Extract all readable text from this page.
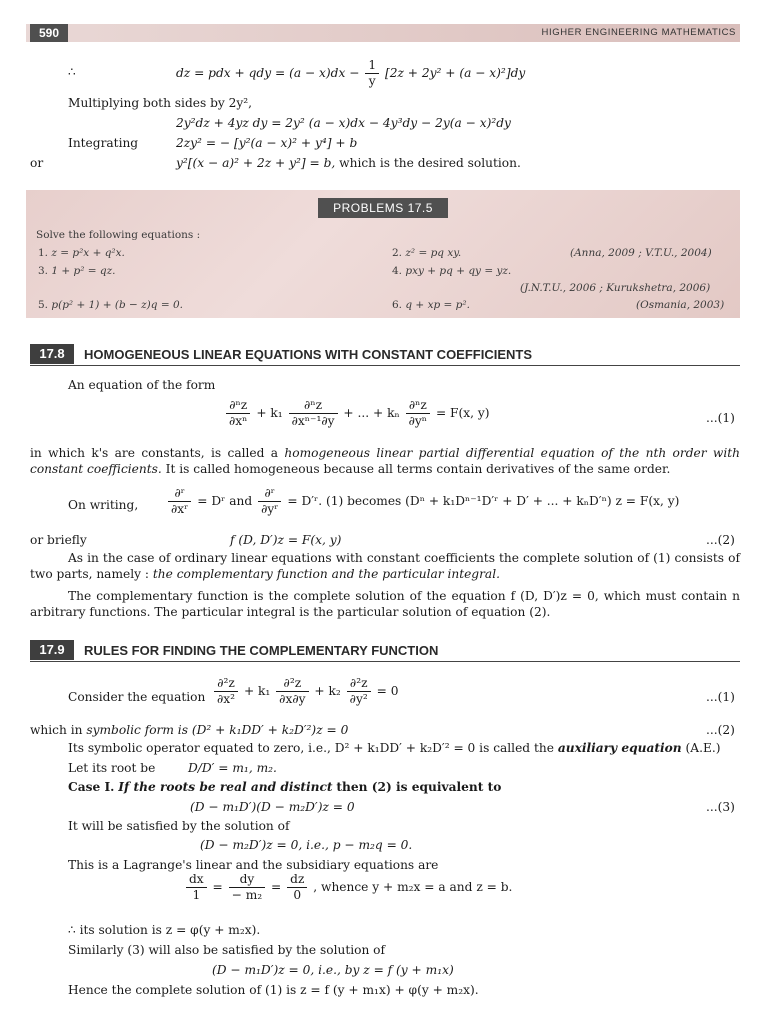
590	HIGHER ENGINEERING MATHEMATICS
∴	dz = pdx + qdy = $(a - x)dx - \frac{1}{y} [2z + 2y^2 + (a - x)^2]dy$
Multiplying both sides by 2y²,
2y²dz + 4yz dy = 2y² (a − x)dx − 4y³dy − 2y(a − x)²dy
Integrating	2zy² = − [y²(a − x)² + y⁴] + b
or	y²[(x − a)² + 2z + y²] = b, which is the desired solution.
PROBLEMS 17.5
Solve the following equations :
1. z = p²x + q²x.	2. z² = pq xy.	(Anna, 2009 ; V.T.U., 2004)
3. 1 + p² = qz.	4. pxy + pq + qy = yz.
(J.N.T.U., 2006 ; Kurukshetra, 2006)
5. p(p² + 1) + (b − z)q = 0.	6. q + xp = p².	(Osmania, 2003)
17.8	HOMOGENEOUS LINEAR EQUATIONS WITH CONSTANT COEFFICIENTS
An equation of the form
$\frac{\text{∂ⁿz}}{\text{∂xⁿ}} + k_1 \frac{\text{∂ⁿz}}{\text{∂xⁿ⁻¹∂y}}$ + ... + kₙ $\frac{\text{∂ⁿz}}{\text{∂yⁿ}} = F(x$, y)	...(1)
in which k's are constants, is called a homogeneous linear partial differential equation of the nth order with constant coefficients. It is called homogeneous because all terms contain derivatives of the same order.
On writing, $\frac{\text{∂ʳ}}{\text{∂xʳ}}$ = Dʳ and $\frac{\text{∂ʳ}}{\text{∂yʳ}}$ = D′ʳ. (1) becomes (Dⁿ + k₁Dⁿ⁻¹D′ʳ + D′ + ... + kₙD′ⁿ) z = F(x, y)
or briefly	f (D, D′)z = F(x, y)	...(2)
As in the case of ordinary linear equations with constant coefficients the complete solution of (1) consists of two parts, namely : the complementary function and the particular integral.
The complementary function is the complete solution of the equation f (D, D′)z = 0, which must contain n arbitrary functions. The particular integral is the particular solution of equation (2).
17.9	RULES FOR FINDING THE COMPLEMENTARY FUNCTION
Consider the equation $\frac{\text{∂²z}}{\text{∂x²}} + k_1 \frac{\text{∂²z}}{\partial x\partial y} + k_2 \frac{\text{∂²z}}{\text{∂y²}} = 0$	...(1)
which in symbolic form is (D² + k₁DD′ + k₂D′²)z = 0	...(2)
Its symbolic operator equated to zero, i.e., D² + k₁DD′ + k₂D′² = 0 is called the auxiliary equation (A.E.)
Let its root be	D/D′ = m₁, m₂.
Case I. If the roots be real and distinct then (2) is equivalent to
(D − m₁D′)(D − m₂D′)z = 0	...(3)
It will be satisfied by the solution of
(D − m₂D′)z = 0, i.e., p − m₂q = 0.
This is a Lagrange's linear and the subsidiary equations are
$\frac{dx}{1} = \frac{dy}{\text{− m₂}} = \frac{dz}{0}$ , whence y + m₂x = a and z = b.
∴ its solution is z = φ(y + m₂x).
Similarly (3) will also be satisfied by the solution of
(D − m₁D′)z = 0, i.e., by z = f (y + m₁x)
Hence the complete solution of (1) is z = f (y + m₁x) + φ(y + m₂x).
